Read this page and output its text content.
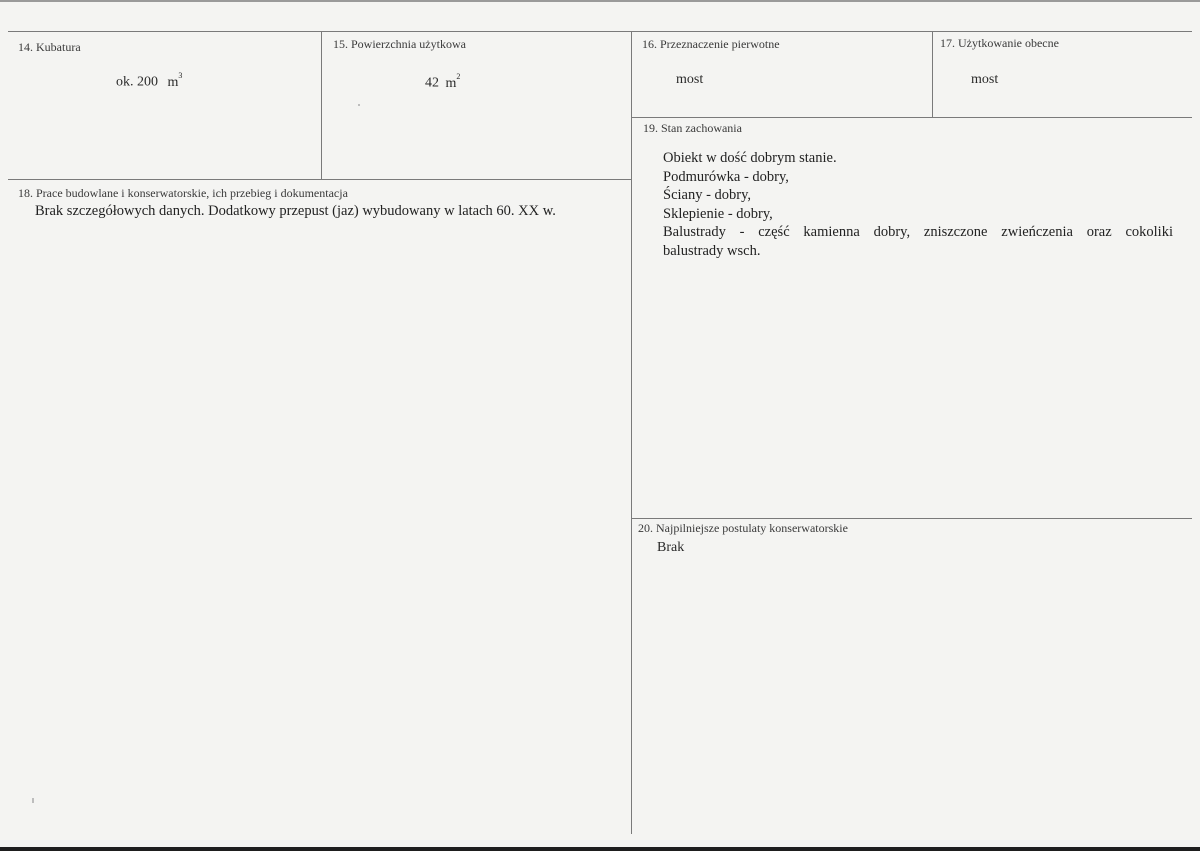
14. Kubatura
ok. 200 $m^3$
15. Powierzchnia użytkowa
42 $m^2$
16. Przeznaczenie pierwotne
most
17. Użytkowanie obecne
most
18. Prace budowlane i konserwatorskie, ich przebieg i dokumentacja
Brak szczegółowych danych. Dodatkowy przepust (jaz) wybudowany w latach 60. XX w.
19. Stan zachowania
Obiekt w dość dobrym stanie.
Podmurówka - dobry,
Ściany - dobry,
Sklepienie - dobry,
Balustrady - część kamienna dobry, zniszczone zwieńczenia oraz cokoliki
balustrady wsch.
20. Najpilniejsze postulaty konserwatorskie
Brak
